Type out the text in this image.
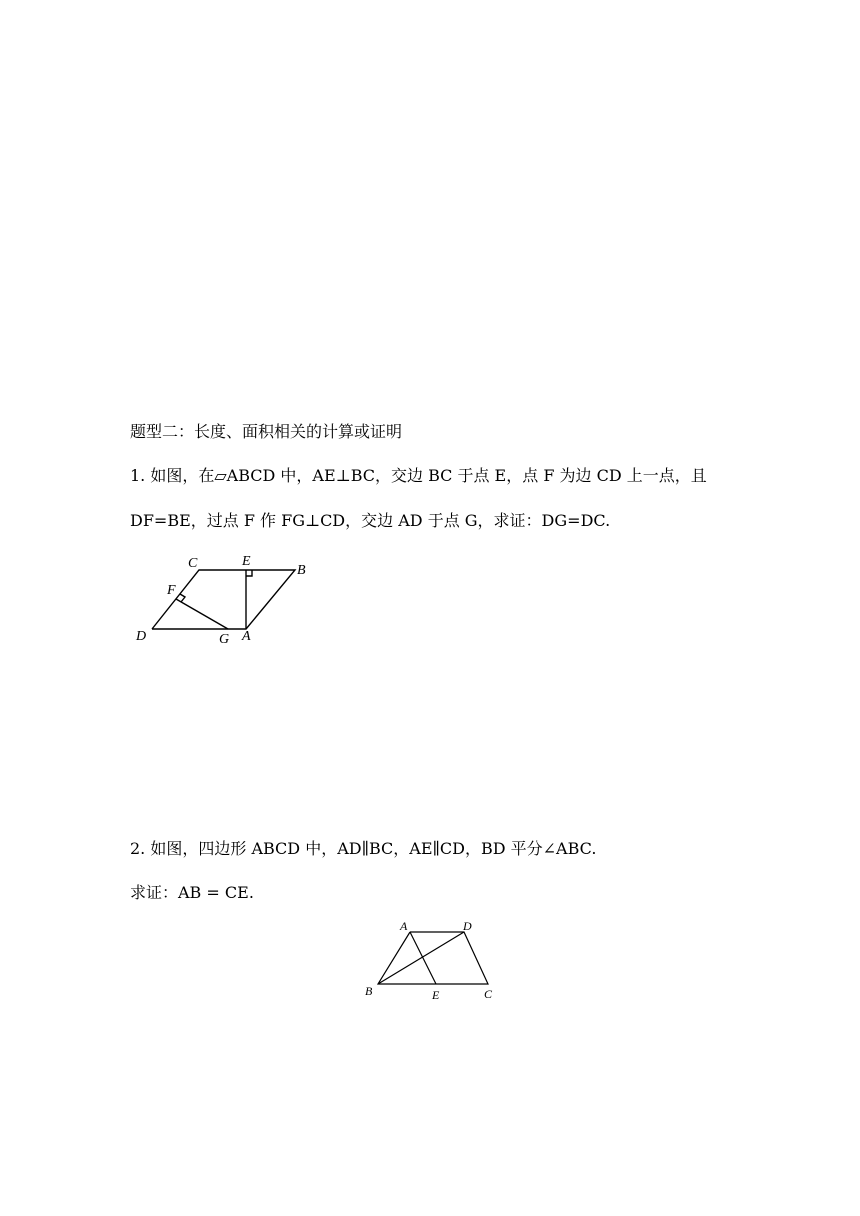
题型二：长度、面积相关的计算或证明
1. 如图，在▱ABCD 中，AE⊥BC，交边 BC 于点 E，点 F 为边 CD 上一点，且
DF=BE，过点 F 作 FG⊥CD，交边 AD 于点 G，求证：DG=DC.
C	E
B
F
D	G A
2. 如图，四边形 ABCD 中，AD∥BC，AE∥CD，BD 平分∠ABC.
求证：AB = CE.
A	D
B	E	C
